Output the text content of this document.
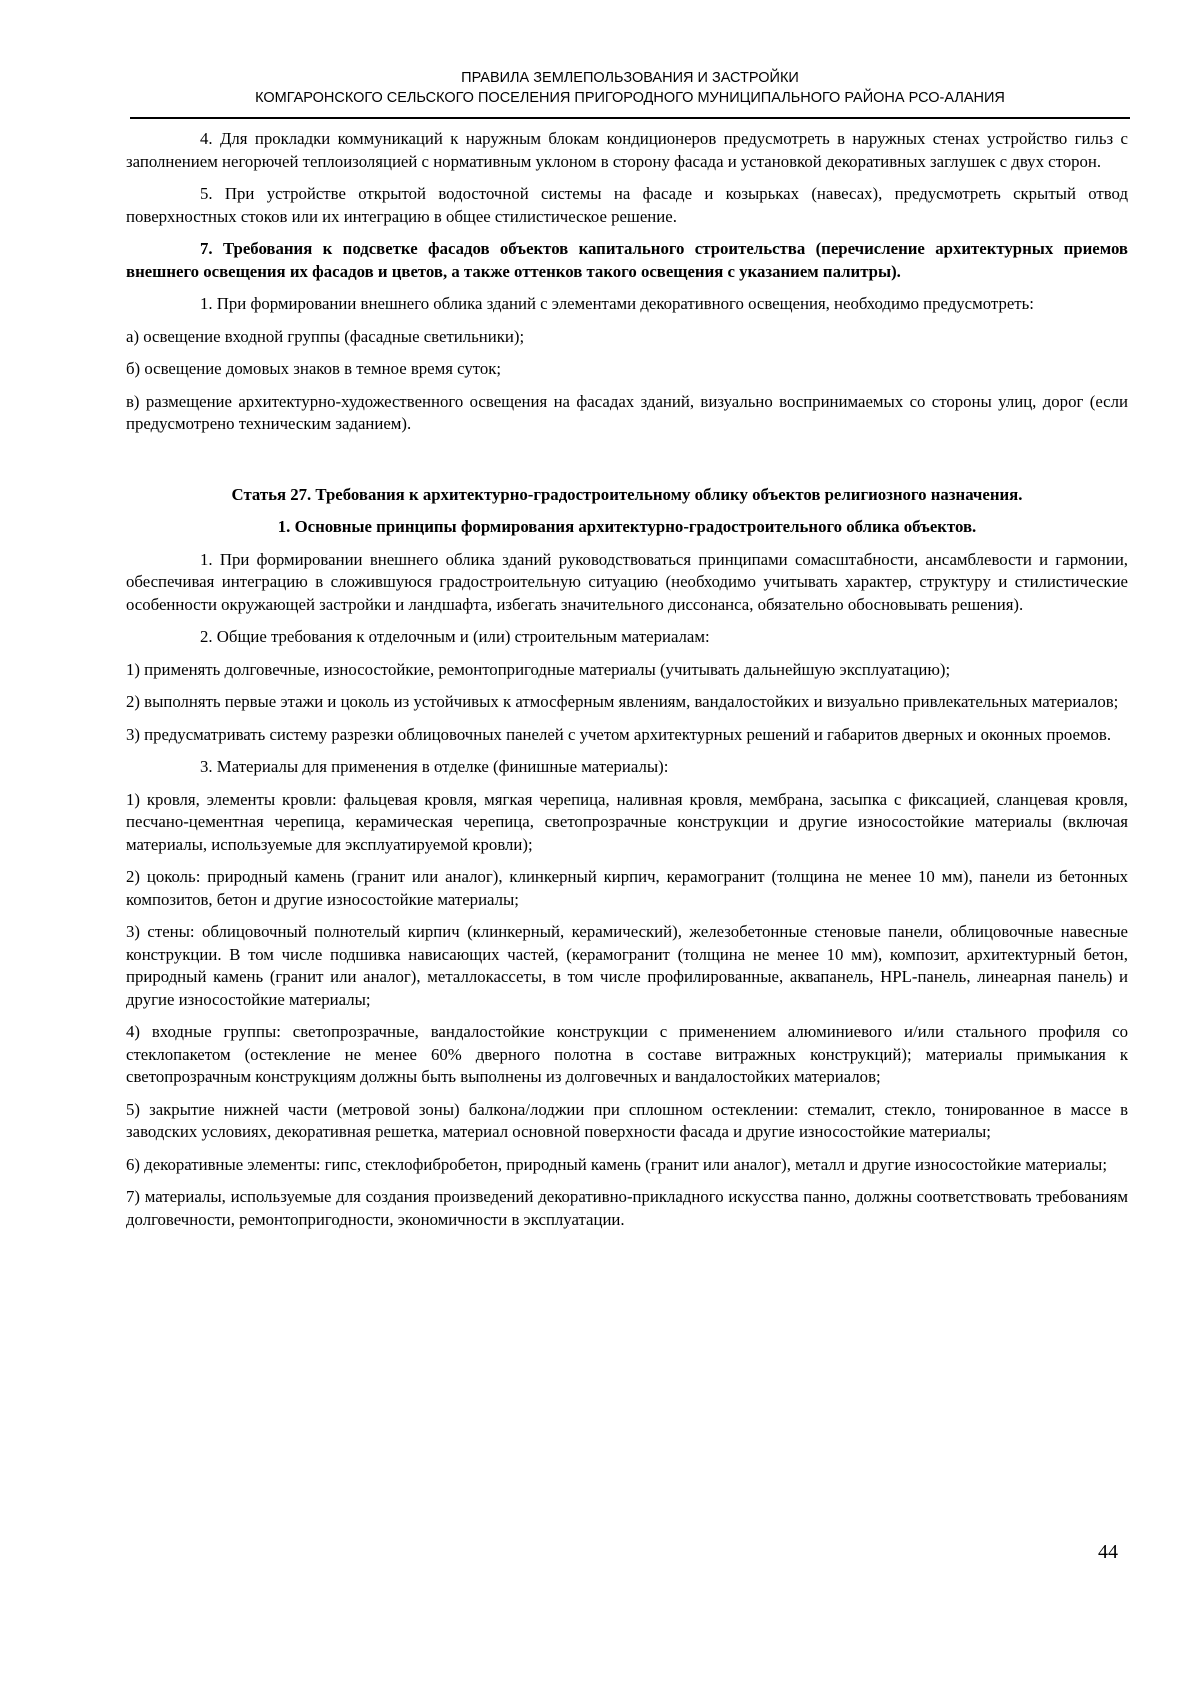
ПРАВИЛА ЗЕМЛЕПОЛЬЗОВАНИЯ И ЗАСТРОЙКИ
КОМГАРОНСКОГО СЕЛЬСКОГО ПОСЕЛЕНИЯ ПРИГОРОДНОГО МУНИЦИПАЛЬНОГО РАЙОНА РСО-АЛАНИЯ

4. Для прокладки коммуникаций к наружным блокам кондиционеров предусмотреть в наружных стенах устройство гильз с заполнением негорючей теплоизоляцией с нормативным уклоном в сторону фасада и установкой декоративных заглушек с двух сторон.

5. При устройстве открытой водосточной системы на фасаде и козырьках (навесах), предусмотреть скрытый отвод поверхностных стоков или их интеграцию в общее стилистическое решение.

7. Требования к подсветке фасадов объектов капитального строительства (перечисление архитектурных приемов внешнего освещения их фасадов и цветов, а также оттенков такого освещения с указанием палитры).

1. При формировании внешнего облика зданий с элементами декоративного освещения, необходимо предусмотреть:

а) освещение входной группы (фасадные светильники);

б) освещение домовых знаков в темное время суток;

в) размещение архитектурно-художественного освещения на фасадах зданий, визуально воспринимаемых со стороны улиц, дорог (если предусмотрено техническим заданием).

Статья 27. Требования к архитектурно-градостроительному облику объектов религиозного назначения.

1. Основные принципы формирования архитектурно-градостроительного облика объектов.

1. При формировании внешнего облика зданий руководствоваться принципами сомасштабности, ансамблевости и гармонии, обеспечивая интеграцию в сложившуюся градостроительную ситуацию (необходимо учитывать характер, структуру и стилистические особенности окружающей застройки и ландшафта, избегать значительного диссонанса, обязательно обосновывать решения).

2. Общие требования к отделочным и (или) строительным материалам:

1) применять долговечные, износостойкие, ремонтопригодные материалы (учитывать дальнейшую эксплуатацию);

2) выполнять первые этажи и цоколь из устойчивых к атмосферным явлениям, вандалостойких и визуально привлекательных материалов;

3) предусматривать систему разрезки облицовочных панелей с учетом архитектурных решений и габаритов дверных и оконных проемов.

3. Материалы для применения в отделке (финишные материалы):

1) кровля, элементы кровли: фальцевая кровля, мягкая черепица, наливная кровля, мембрана, засыпка с фиксацией, сланцевая кровля, песчано-цементная черепица, керамическая черепица, светопрозрачные конструкции и другие износостойкие материалы (включая материалы, используемые для эксплуатируемой кровли);

2) цоколь: природный камень (гранит или аналог), клинкерный кирпич, керамогранит (толщина не менее 10 мм), панели из бетонных композитов, бетон и другие износостойкие материалы;

3) стены: облицовочный полнотелый кирпич (клинкерный, керамический), железобетонные стеновые панели, облицовочные навесные конструкции. В том числе подшивка нависающих частей, (керамогранит (толщина не менее 10 мм), композит, архитектурный бетон, природный камень (гранит или аналог), металлокассеты, в том числе профилированные, аквапанель, HPL-панель, линеарная панель) и другие износостойкие материалы;

4) входные группы: светопрозрачные, вандалостойкие конструкции с применением алюминиевого и/или стального профиля со стеклопакетом (остекление не менее 60% дверного полотна в составе витражных конструкций); материалы примыкания к светопрозрачным конструкциям должны быть выполнены из долговечных и вандалостойких материалов;

5) закрытие нижней части (метровой зоны) балкона/лоджии при сплошном остеклении: стемалит, стекло, тонированное в массе в заводских условиях, декоративная решетка, материал основной поверхности фасада и другие износостойкие материалы;

6) декоративные элементы: гипс, стеклофибробетон, природный камень (гранит или аналог), металл и другие износостойкие материалы;

7) материалы, используемые для создания произведений декоративно-прикладного искусства панно, должны соответствовать требованиям долговечности, ремонтопригодности, экономичности в эксплуатации.

44
